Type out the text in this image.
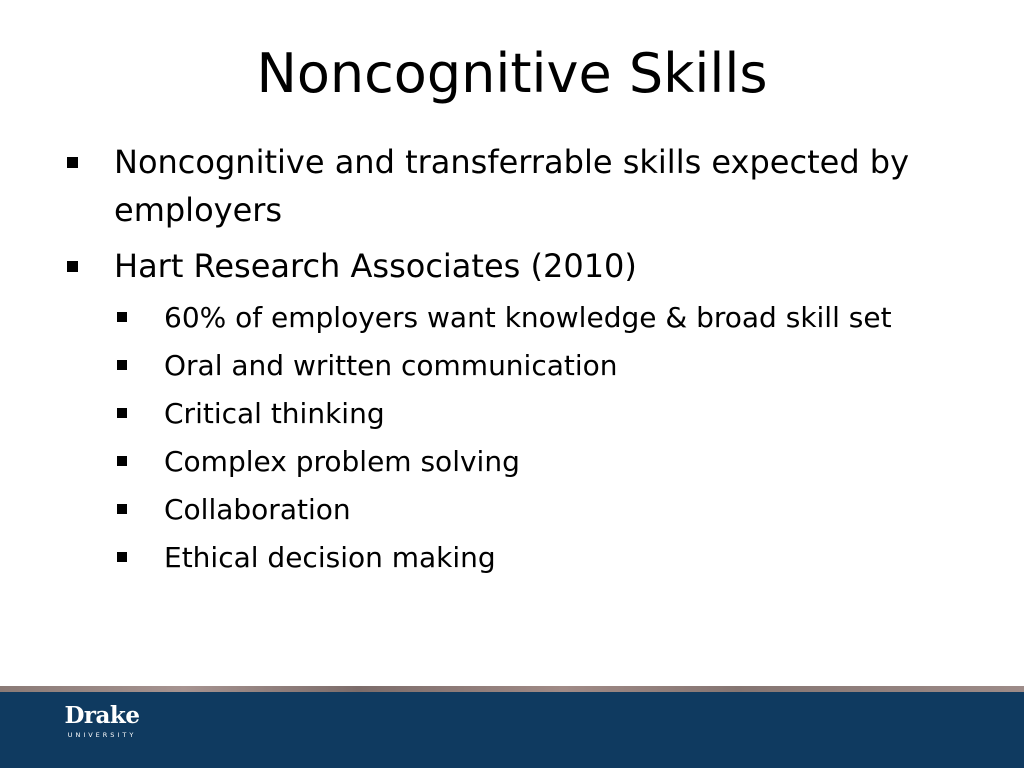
Noncognitive Skills
Noncognitive and transferrable skills expected by employers
Hart Research Associates (2010)
60% of employers want knowledge & broad skill set
Oral and written communication
Critical thinking
Complex problem solving
Collaboration
Ethical decision making
Drake
UNIVERSITY
